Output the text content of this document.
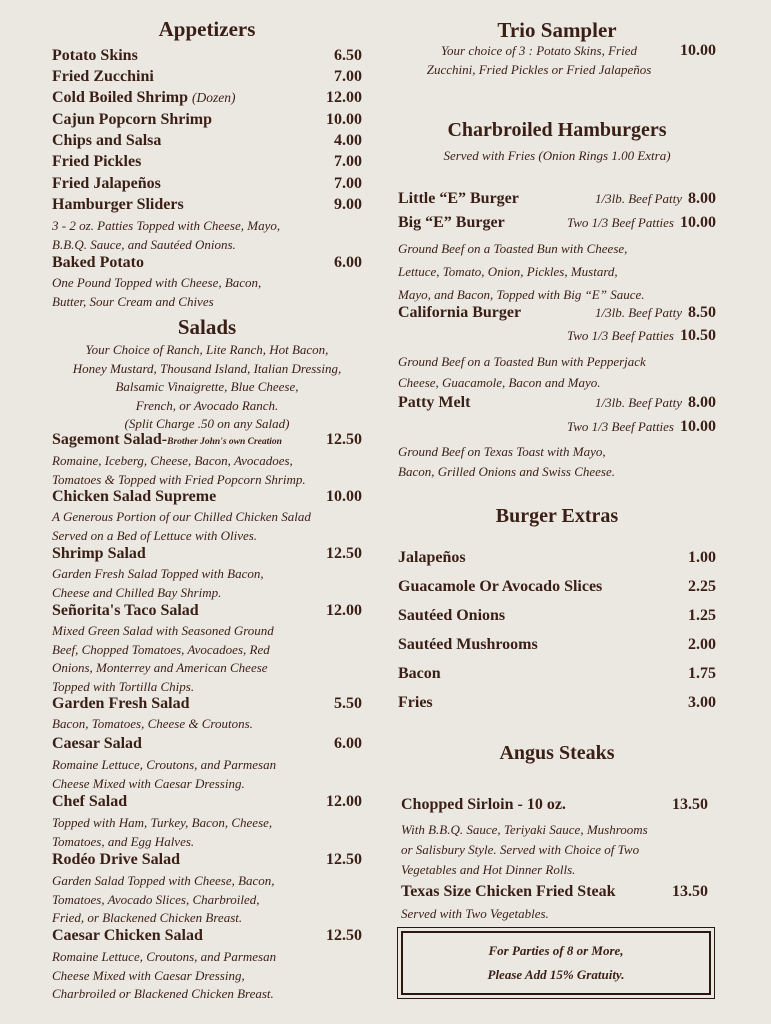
Appetizers
Potato Skins	6.50
Fried Zucchini	7.00
Cold Boiled Shrimp (Dozen)	12.00
Cajun Popcorn Shrimp	10.00
Chips and Salsa	4.00
Fried Pickles	7.00
Fried Jalapeños	7.00
Hamburger Sliders	9.00
3 - 2 oz. Patties Topped with Cheese, Mayo,
B.B.Q. Sauce, and Sautéed Onions.
Baked Potato	6.00
One Pound Topped with Cheese, Bacon,
Butter, Sour Cream and Chives
Salads
Your Choice of Ranch, Lite Ranch, Hot Bacon,
Honey Mustard, Thousand Island, Italian Dressing,
Balsamic Vinaigrette, Blue Cheese,
French, or Avocado Ranch.
(Split Charge .50 on any Salad)
Sagemont Salad-Brother John's own Creation	12.50
Romaine, Iceberg, Cheese, Bacon, Avocadoes,
Tomatoes & Topped with Fried Popcorn Shrimp.
Chicken Salad Supreme	10.00
A Generous Portion of our Chilled Chicken Salad
Served on a Bed of Lettuce with Olives.
Shrimp Salad	12.50
Garden Fresh Salad Topped with Bacon,
Cheese and Chilled Bay Shrimp.
Señorita's Taco Salad	12.00
Mixed Green Salad with Seasoned Ground
Beef, Chopped Tomatoes, Avocadoes, Red
Onions, Monterrey and American Cheese
Topped with Tortilla Chips.
Garden Fresh Salad	5.50
Bacon, Tomatoes, Cheese & Croutons.
Caesar Salad	6.00
Romaine Lettuce, Croutons, and Parmesan
Cheese Mixed with Caesar Dressing.
Chef Salad	12.00
Topped with Ham, Turkey, Bacon, Cheese,
Tomatoes, and Egg Halves.
Rodéo Drive Salad	12.50
Garden Salad Topped with Cheese, Bacon,
Tomatoes, Avocado Slices, Charbroiled,
Fried, or Blackened Chicken Breast.
Caesar Chicken Salad	12.50
Romaine Lettuce, Croutons, and Parmesan
Cheese Mixed with Caesar Dressing,
Charbroiled or Blackened Chicken Breast.
Trio Sampler
Your choice of 3 : Potato Skins, Fried
Zucchini, Fried Pickles or Fried Jalapeños
10.00
Charbroiled Hamburgers
Served with Fries (Onion Rings 1.00 Extra)
Little “E” Burger	1/3lb. Beef Patty 8.00
Big “E” Burger	Two 1/3 Beef Patties 10.00
Ground Beef on a Toasted Bun with Cheese,
Lettuce, Tomato, Onion, Pickles, Mustard,
Mayo, and Bacon, Topped with Big “E” Sauce.
California Burger	1/3lb. Beef Patty 8.50
Two 1/3 Beef Patties 10.50
Ground Beef on a Toasted Bun with Pepperjack
Cheese, Guacamole, Bacon and Mayo.
Patty Melt	1/3lb. Beef Patty 8.00
Two 1/3 Beef Patties 10.00
Ground Beef on Texas Toast with Mayo,
Bacon, Grilled Onions and Swiss Cheese.
Burger Extras
Jalapeños	1.00
Guacamole Or Avocado Slices	2.25
Sautéed Onions	1.25
Sautéed Mushrooms	2.00
Bacon	1.75
Fries	3.00
Angus Steaks
Chopped Sirloin - 10 oz.	13.50
With B.B.Q. Sauce, Teriyaki Sauce, Mushrooms
or Salisbury Style. Served with Choice of Two
Vegetables and Hot Dinner Rolls.
Texas Size Chicken Fried Steak	13.50
Served with Two Vegetables.
For Parties of 8 or More,
Please Add 15% Gratuity.
